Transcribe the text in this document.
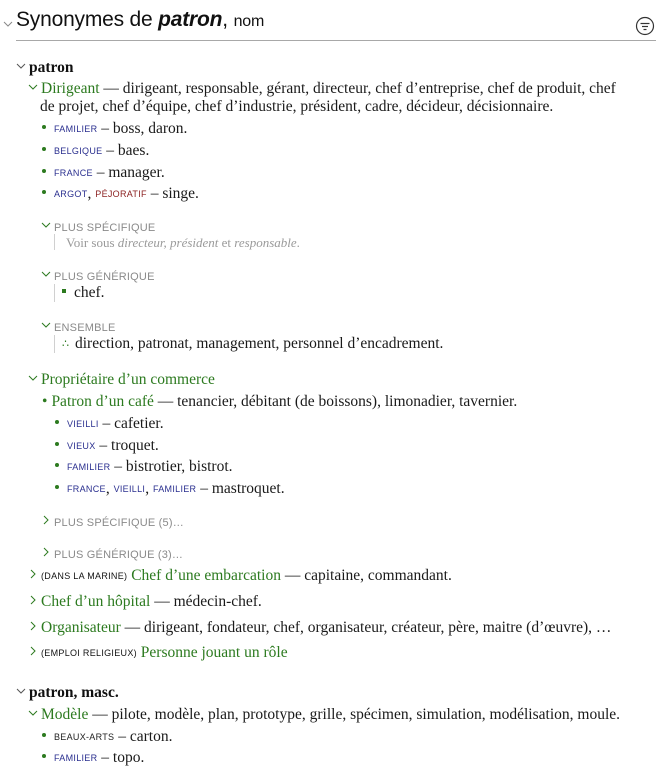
Synonymes de patron, nom
patron
Dirigeant — dirigeant, responsable, gérant, directeur, chef d’entreprise, chef de produit, chef
de projet, chef d’équipe, chef d’industrie, président, cadre, décideur, décisionnaire.
FAMILIER – boss, daron.
BELGIQUE – baes.
FRANCE – manager.
ARGOT, PÉJORATIF – singe.
PLUS SPÉCIFIQUE
Voir sous directeur, président et responsable.
PLUS GÉNÉRIQUE
chef.
ENSEMBLE
∴ direction, patronat, management, personnel d’encadrement.
Propriétaire d’un commerce
• Patron d’un café — tenancier, débitant (de boissons), limonadier, tavernier.
VIEILLI – cafetier.
VIEUX – troquet.
FAMILIER – bistrotier, bistrot.
FRANCE, VIEILLI, FAMILIER – mastroquet.
PLUS SPÉCIFIQUE (5)…
PLUS GÉNÉRIQUE (3)…
(DANS LA MARINE) Chef d’une embarcation — capitaine, commandant.
Chef d’un hôpital — médecin-chef.
Organisateur — dirigeant, fondateur, chef, organisateur, créateur, père, maitre (d’œuvre), …
(EMPLOI RELIGIEUX) Personne jouant un rôle
patron, masc.
Modèle — pilote, modèle, plan, prototype, grille, spécimen, simulation, modélisation, moule.
BEAUX-ARTS – carton.
FAMILIER – topo.
